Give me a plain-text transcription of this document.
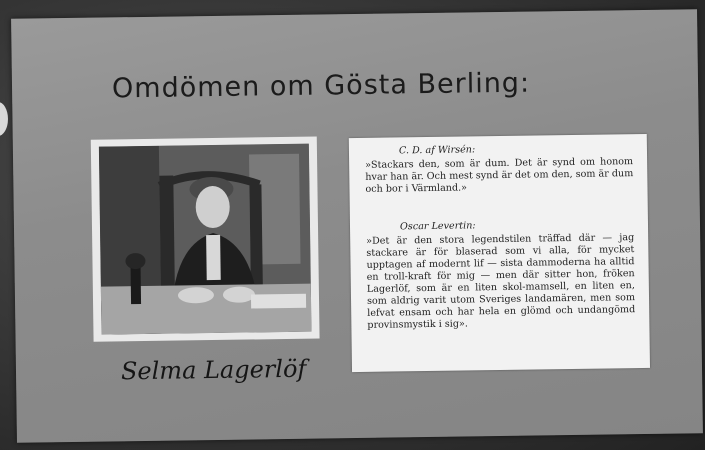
Omdömen om Gösta Berling:
Selma Lagerlöf
C. D. af Wirsén:
»Stackars den, som är dum. Det är synd om honom hvar han är. Och mest synd är det om den, som är dum och bor i Värmland.»
Oscar Levertin:
»Det är den stora legendstilen träffad där — jag stackare är för blaserad som vi alla, för mycket upptagen af modernt lif — sista dammoderna ha alltid en troll-kraft för mig — men där sitter hon, fröken Lagerlöf, som är en liten skol-mamsell, en liten en, som aldrig varit utom Sveriges landamären, men som lefvat ensam och har hela en glömd och undangömd provinsmystik i sig».
